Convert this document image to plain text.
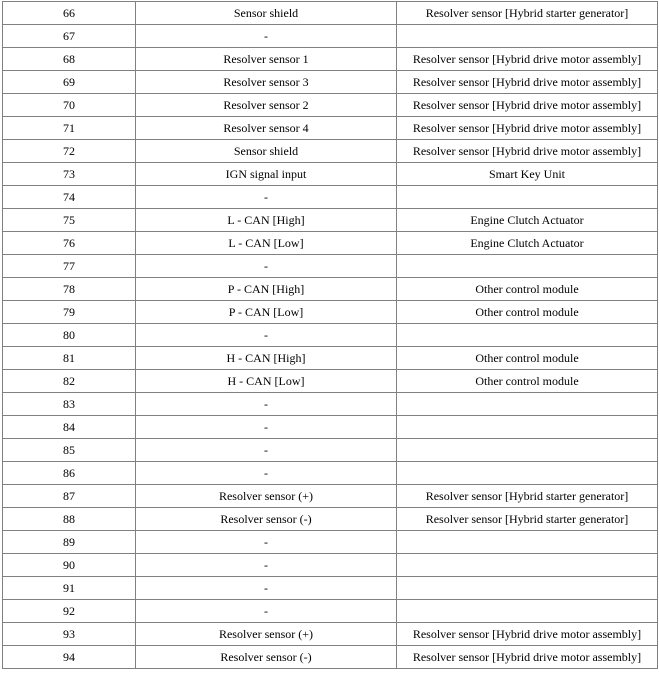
66	Sensor shield	Resolver sensor [Hybrid starter generator]
67	-	
68	Resolver sensor 1	Resolver sensor [Hybrid drive motor assembly]
69	Resolver sensor 3	Resolver sensor [Hybrid drive motor assembly]
70	Resolver sensor 2	Resolver sensor [Hybrid drive motor assembly]
71	Resolver sensor 4	Resolver sensor [Hybrid drive motor assembly]
72	Sensor shield	Resolver sensor [Hybrid drive motor assembly]
73	IGN signal input	Smart Key Unit
74	-	
75	L - CAN [High]	Engine Clutch Actuator
76	L - CAN [Low]	Engine Clutch Actuator
77	-	
78	P - CAN [High]	Other control module
79	P - CAN [Low]	Other control module
80	-	
81	H - CAN [High]	Other control module
82	H - CAN [Low]	Other control module
83	-	
84	-	
85	-	
86	-	
87	Resolver sensor (+)	Resolver sensor [Hybrid starter generator]
88	Resolver sensor (-)	Resolver sensor [Hybrid starter generator]
89	-	
90	-	
91	-	
92	-	
93	Resolver sensor (+)	Resolver sensor [Hybrid drive motor assembly]
94	Resolver sensor (-)	Resolver sensor [Hybrid drive motor assembly]
